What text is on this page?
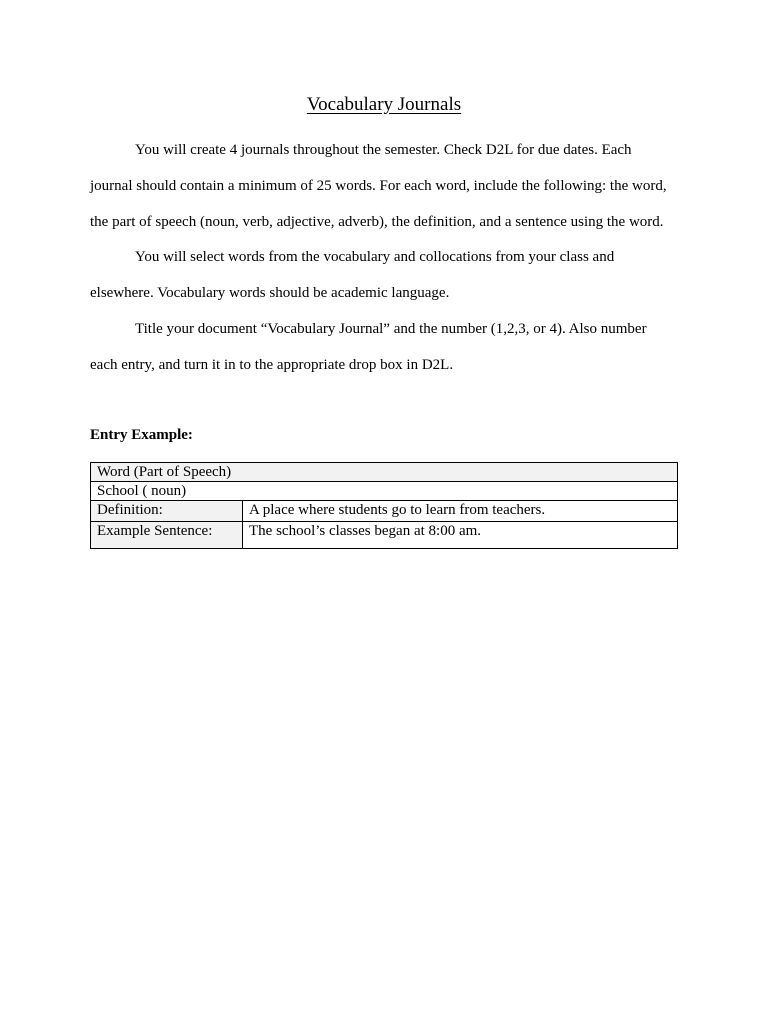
Vocabulary Journals

You will create 4 journals throughout the semester. Check D2L for due dates. Each
journal should contain a minimum of 25 words. For each word, include the following: the word,
the part of speech (noun, verb, adjective, adverb), the definition, and a sentence using the word.

You will select words from the vocabulary and collocations from your class and
elsewhere. Vocabulary words should be academic language.

Title your document “Vocabulary Journal” and the number (1,2,3, or 4). Also number
each entry, and turn it in to the appropriate drop box in D2L.

Entry Example:
Word (Part of Speech)	
School ( noun)	
Definition:	A place where students go to learn from teachers.
Example Sentence:	The school’s classes began at 8:00 am.
